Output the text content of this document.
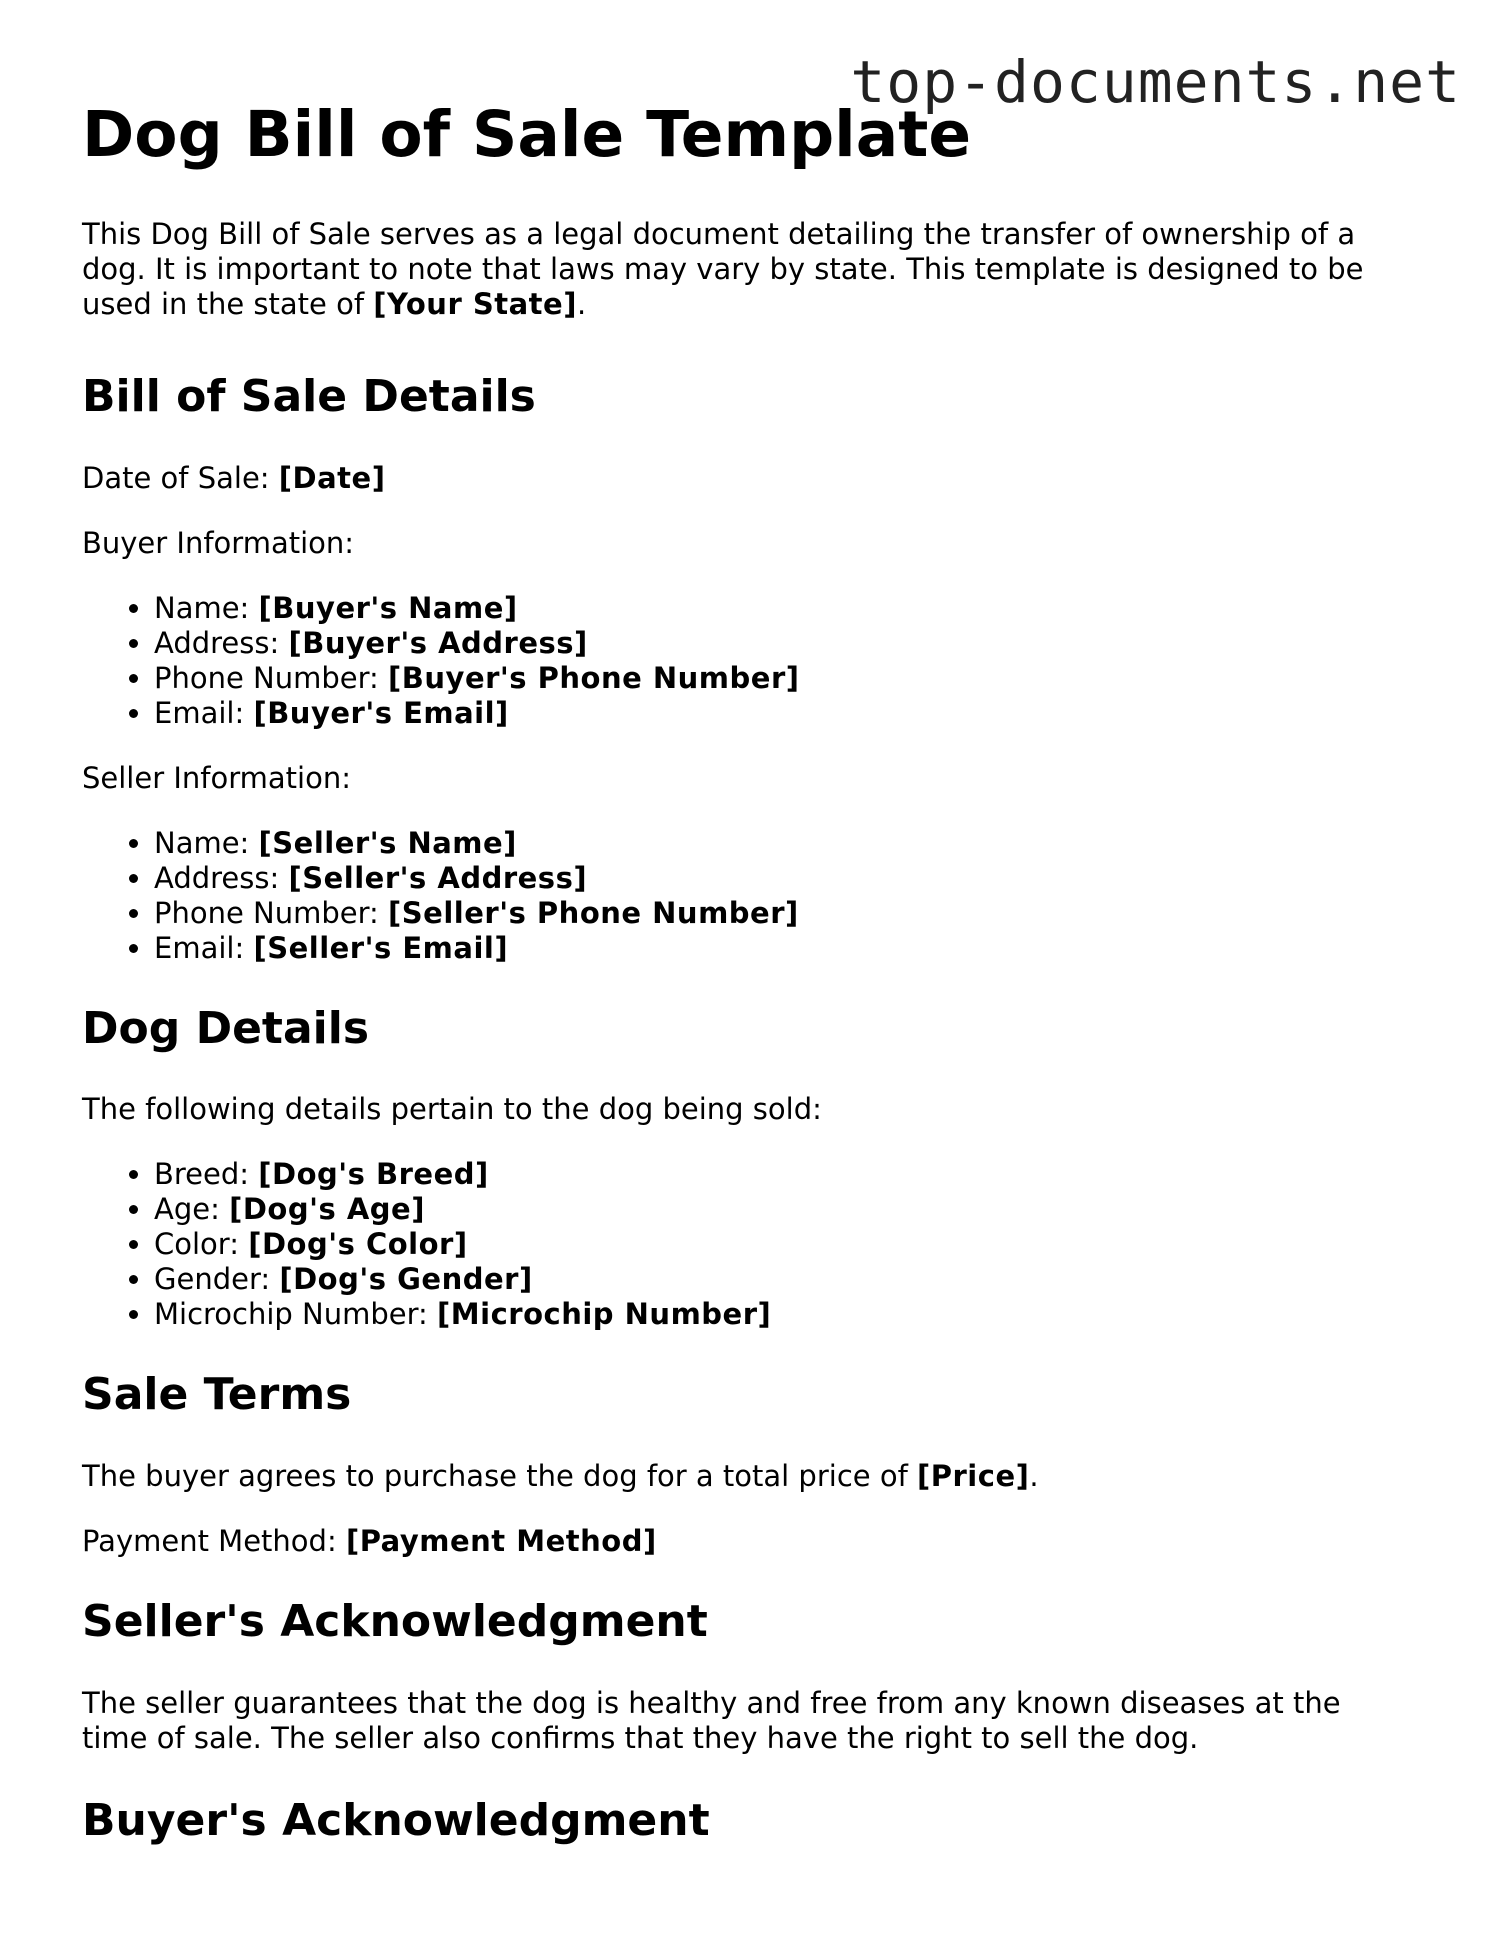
top-documents.net
Dog Bill of Sale Template

This Dog Bill of Sale serves as a legal document detailing the transfer of ownership of a dog. It is important to note that laws may vary by state. This template is designed to be used in the state of [Your State].

Bill of Sale Details

Date of Sale: [Date]

Buyer Information:

• Name: [Buyer's Name]
• Address: [Buyer's Address]
• Phone Number: [Buyer's Phone Number]
• Email: [Buyer's Email]

Seller Information:

• Name: [Seller's Name]
• Address: [Seller's Address]
• Phone Number: [Seller's Phone Number]
• Email: [Seller's Email]
Dog Details

The following details pertain to the dog being sold:

• Breed: [Dog's Breed]
• Age: [Dog's Age]
• Color: [Dog's Color]
• Gender: [Dog's Gender]
• Microchip Number: [Microchip Number]
Sale Terms

The buyer agrees to purchase the dog for a total price of [Price].

Payment Method: [Payment Method]

Seller's Acknowledgment

The seller guarantees that the dog is healthy and free from any known diseases at the time of sale. The seller also confirms that they have the right to sell the dog.

Buyer's Acknowledgment
